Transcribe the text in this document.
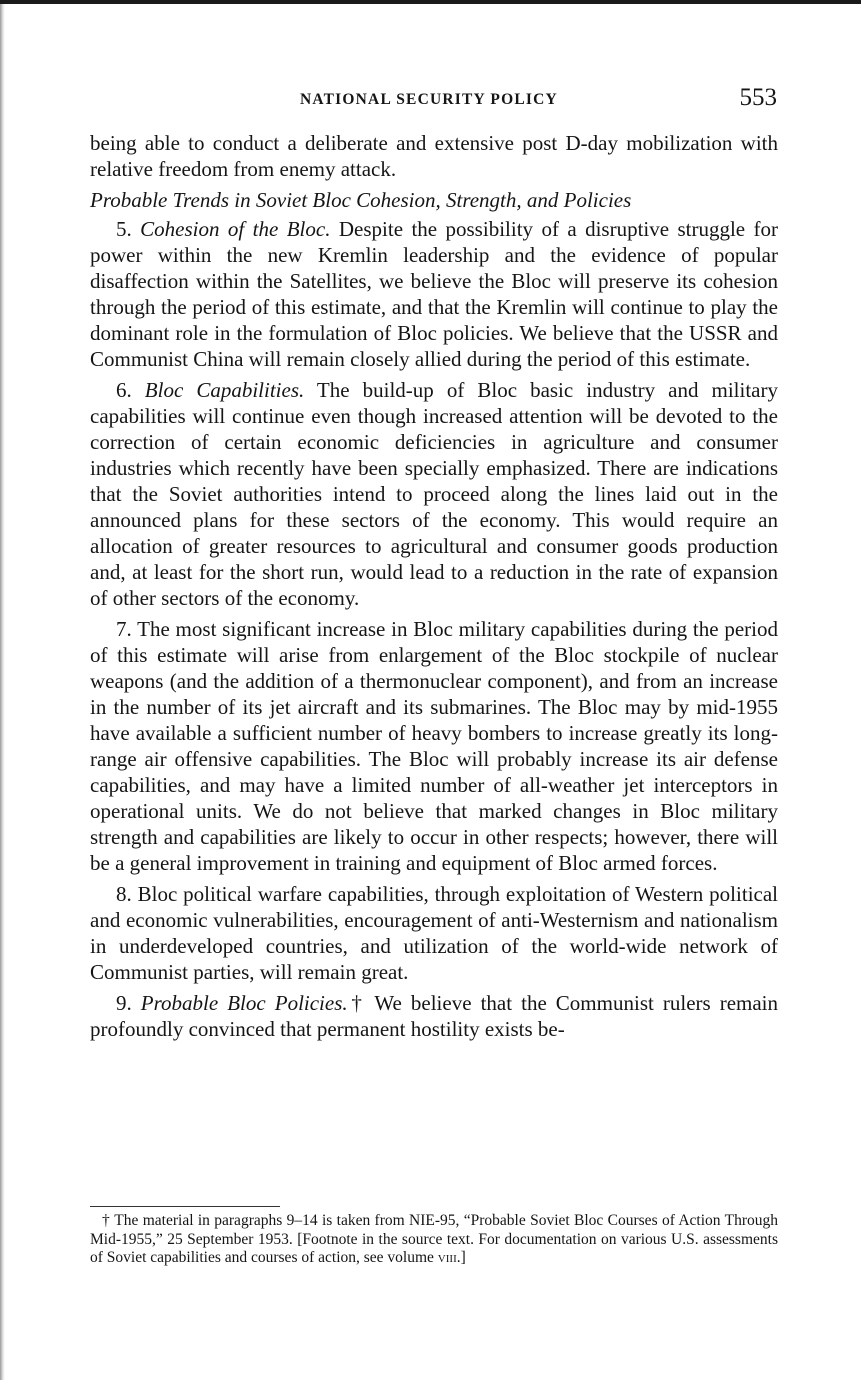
NATIONAL SECURITY POLICY	553

being able to conduct a deliberate and extensive post D-day mobilization with relative freedom from enemy attack.

Probable Trends in Soviet Bloc Cohesion, Strength, and Policies

5. Cohesion of the Bloc. Despite the possibility of a disruptive struggle for power within the new Kremlin leadership and the evidence of popular disaffection within the Satellites, we believe the Bloc will preserve its cohesion through the period of this estimate, and that the Kremlin will continue to play the dominant role in the formulation of Bloc policies. We believe that the USSR and Communist China will remain closely allied during the period of this estimate.

6. Bloc Capabilities. The build-up of Bloc basic industry and military capabilities will continue even though increased attention will be devoted to the correction of certain economic deficiencies in agriculture and consumer industries which recently have been specially emphasized. There are indications that the Soviet authorities intend to proceed along the lines laid out in the announced plans for these sectors of the economy. This would require an allocation of greater resources to agricultural and consumer goods production and, at least for the short run, would lead to a reduction in the rate of expansion of other sectors of the economy.

7. The most significant increase in Bloc military capabilities during the period of this estimate will arise from enlargement of the Bloc stockpile of nuclear weapons (and the addition of a thermonuclear component), and from an increase in the number of its jet aircraft and its submarines. The Bloc may by mid-1955 have available a sufficient number of heavy bombers to increase greatly its long-range air offensive capabilities. The Bloc will probably increase its air defense capabilities, and may have a limited number of all-weather jet interceptors in operational units. We do not believe that marked changes in Bloc military strength and capabilities are likely to occur in other respects; however, there will be a general improvement in training and equipment of Bloc armed forces.

8. Bloc political warfare capabilities, through exploitation of Western political and economic vulnerabilities, encouragement of anti-Westernism and nationalism in underdeveloped countries, and utilization of the world-wide network of Communist parties, will remain great.

9. Probable Bloc Policies.† We believe that the Communist rulers remain profoundly convinced that permanent hostility exists be-

† The material in paragraphs 9–14 is taken from NIE-95, “Probable Soviet Bloc Courses of Action Through Mid-1955,” 25 September 1953. [Footnote in the source text. For documentation on various U.S. assessments of Soviet capabilities and courses of action, see volume viii.]
